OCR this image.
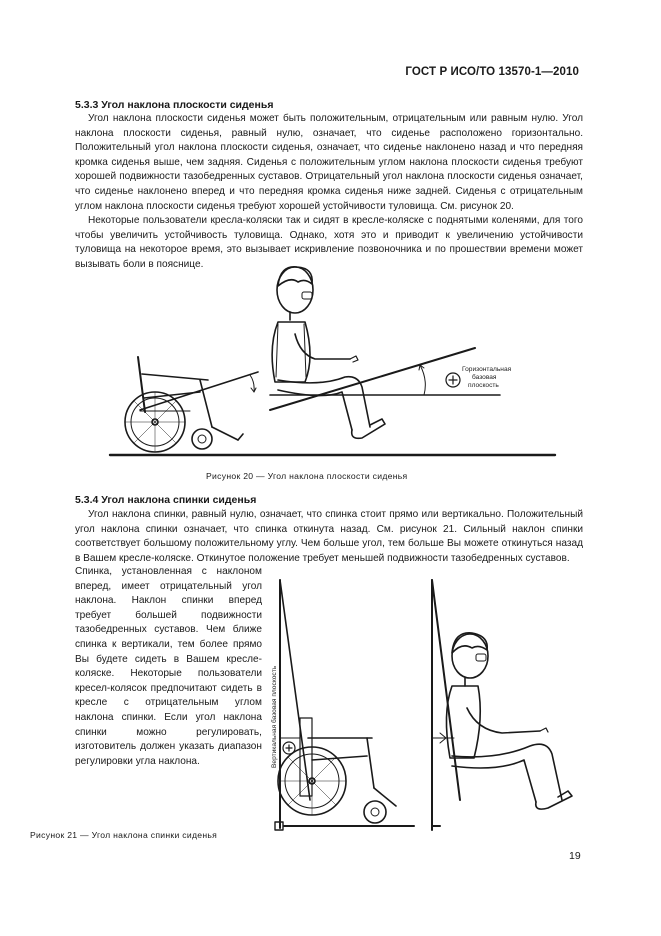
ГОСТ Р ИСО/ТО 13570-1—2010
5.3.3 Угол наклона плоскости сиденья

Угол наклона плоскости сиденья может быть положительным, отрицательным или равным нулю. Угол наклона плоскости сиденья, равный нулю, означает, что сиденье расположено горизонтально. Положительный угол наклона плоскости сиденья, означает, что сиденье наклонено назад и что передняя кромка сиденья выше, чем задняя. Сиденья с положительным углом наклона плоскости сиденья требуют хорошей подвижности тазобедренных суставов. Отрицательный угол наклона плоскости сиденья означает, что сиденье наклонено вперед и что передняя кромка сиденья ниже задней. Сиденья с отрицательным углом наклона плоскости сиденья требуют хорошей устойчивости туловища. См. рисунок 20.

Некоторые пользователи кресла-коляски так и сидят в кресле-коляске с поднятыми коленями, для того чтобы увеличить устойчивость туловища. Однако, хотя это и приводит к увеличению устойчивости туловища на некоторое время, это вызывает искривление позвоночника и по прошествии времени может вызывать боли в пояснице.

Горизонтальная
базовая
плоскость
Рисунок 20 — Угол наклона плоскости сиденья
5.3.4 Угол наклона спинки сиденья

Угол наклона спинки, равный нулю, означает, что спинка стоит прямо или вертикально. Положительный угол наклона спинки означает, что спинка откинута назад. См. рисунок 21. Сильный наклон спинки соответствует большому положительному углу. Чем больше угол, тем больше Вы можете откинуться назад в Вашем кресле-коляске. Откинутое положение требует меньшей подвижности тазобедренных суставов.

Спинка, установленная с наклоном вперед, имеет отрицательный угол наклона. Наклон спинки вперед требует большей подвижности тазобедренных суставов. Чем ближе спинка к вертикали, тем более прямо Вы будете сидеть в Вашем кресле-коляске. Некоторые пользователи кресел-колясок предпочитают сидеть в кресле с отрицательным углом наклона спинки. Если угол наклона спинки можно регулировать, изготовитель должен указать диапазон регулировки угла наклона.	Вертикальная базовая плоскость
Рисунок 21 — Угол наклона спинки сиденья
19
